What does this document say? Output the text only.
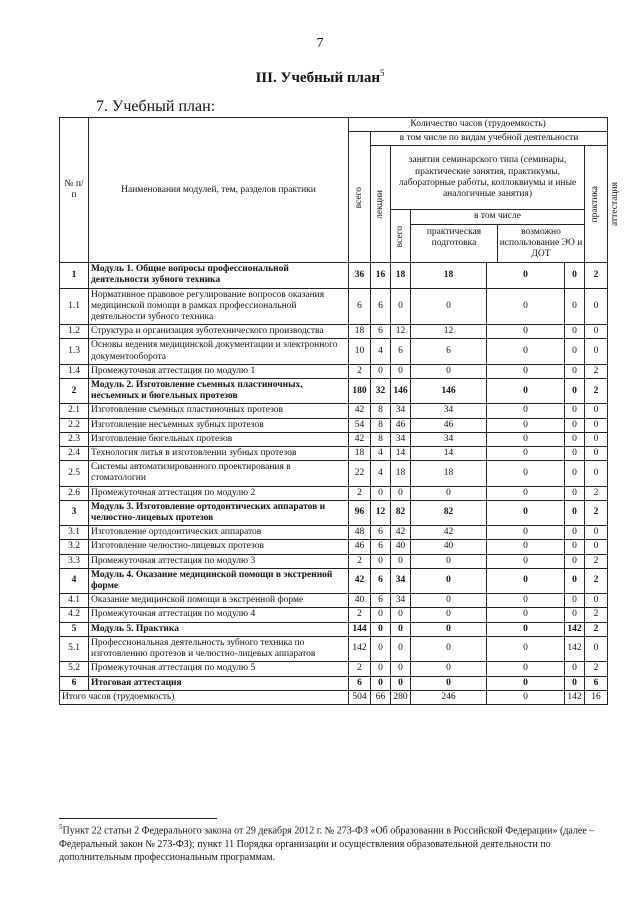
7
III. Учебный план$^5$
7. Учебный план:
№ п/п	Наименования модулей, тем, разделов практики	Количество часов (трудоемкость)							

		всего	в том числе по видам учебной деятельности						

			лекции	занятия семинарского типа (семинары, практические занятия, практикумы, лабораторные работы, коллоквиумы и иные аналогичные занятия)				практика	аттестация

				всего	в том числе
практическая подготовка
возможно использование ЭО и ДОТ				

1	Модуль 1. Общие вопросы профессиональной деятельности зубного техника	36	16	18	18	0	0	2	
1.1	Нормативное правовое регулирование вопросов оказания медицинской помощи в рамках профессиональной деятельности зубного техника	6	6	0	0	0	0	0	
1.2	Структура и организация зуботехнического производства	18	6	12	12	0	0	0	
1.3	Основы ведения медицинской документации и электронного документооборота	10	4	6	6	0	0	0	
1.4	Промежуточная аттестация по модулю 1	2	0	0	0	0	0	2	
2	Модуль 2. Изготовление съемных пластиночных, несъемных и бюгельных протезов	180	32	146	146	0	0	2	
2.1	Изготовление съемных пластиночных протезов	42	8	34	34	0	0	0	
2.2	Изготовление несъемных зубных протезов	54	8	46	46	0	0	0	
2.3	Изготовление бюгельных протезов	42	8	34	34	0	0	0	
2.4	Технология литья в изготовлении зубных протезов	18	4	14	14	0	0	0	
2.5	Системы автоматизированного проектирования в стоматологии	22	4	18	18	0	0	0	
2.6	Промежуточная аттестация по модулю 2	2	0	0	0	0	0	2	
3	Модуль 3. Изготовление ортодонтических аппаратов и челюстно-лицевых протезов	96	12	82	82	0	0	2	
3.1	Изготовление ортодонтических аппаратов	48	6	42	42	0	0	0	
3.2	Изготовление челюстно-лицевых протезов	46	6	40	40	0	0	0	
3.3	Промежуточная аттестация по модулю 3	2	0	0	0	0	0	2	
4	Модуль 4. Оказание медицинской помощи в экстренной форме	42	6	34	0	0	0	2	
4.1	Оказание медицинской помощи в экстренной форме	40	6	34	0	0	0	0	
4.2	Промежуточная аттестация по модулю 4	2	0	0	0	0	0	2	
5	Модуль 5. Практика	144	0	0	0	0	142	2	
5.1	Профессиональная деятельность зубного техника по изготовлению протезов и челюстно-лицевых аппаратов	142	0	0	0	0	142	0	
5.2	Промежуточная аттестация по модулю 5	2	0	0	0	0	0	2	
6	Итоговая аттестация	6	0	0	0	0	0	6	
Итого часов (трудоемкость)		504	66	280	246	0	142	16	
$^5$Пункт 22 статьи 2 Федерального закона от 29 декабря 2012 г. № 273-ФЗ «Об образовании в Российской Федерации» (далее – Федеральный закон № 273-ФЗ); пункт 11 Порядка организации и осуществления образовательной деятельности по дополнительным профессиональным программам.
